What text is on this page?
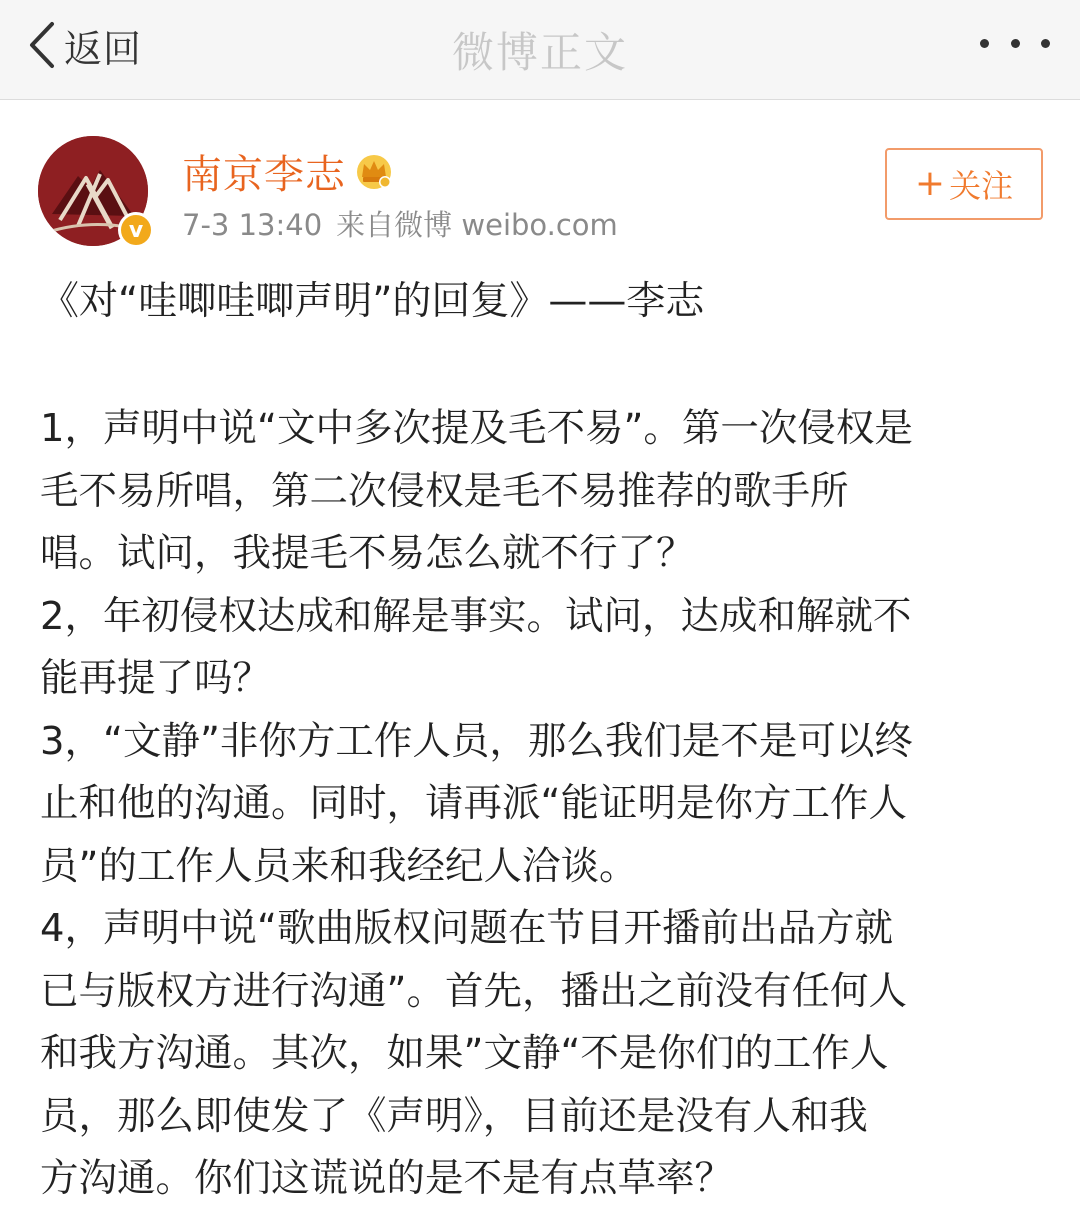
返回	微博正文
v
南京李志
7-3 13:40 来自微博 weibo.com
+ 关注
《对“哇唧哇唧声明”的回复》——李志
1，声明中说“文中多次提及毛不易”。第一次侵权是
毛不易所唱，第二次侵权是毛不易推荐的歌手所
唱。试问，我提毛不易怎么就不行了？
2，年初侵权达成和解是事实。试问，达成和解就不
能再提了吗？
3，“文静”非你方工作人员，那么我们是不是可以终
止和他的沟通。同时，请再派“能证明是你方工作人
员”的工作人员来和我经纪人洽谈。
4，声明中说“歌曲版权问题在节目开播前出品方就
已与版权方进行沟通”。首先，播出之前没有任何人
和我方沟通。其次，如果”文静“不是你们的工作人
员，那么即使发了《声明》，目前还是没有人和我
方沟通。你们这谎说的是不是有点草率？
